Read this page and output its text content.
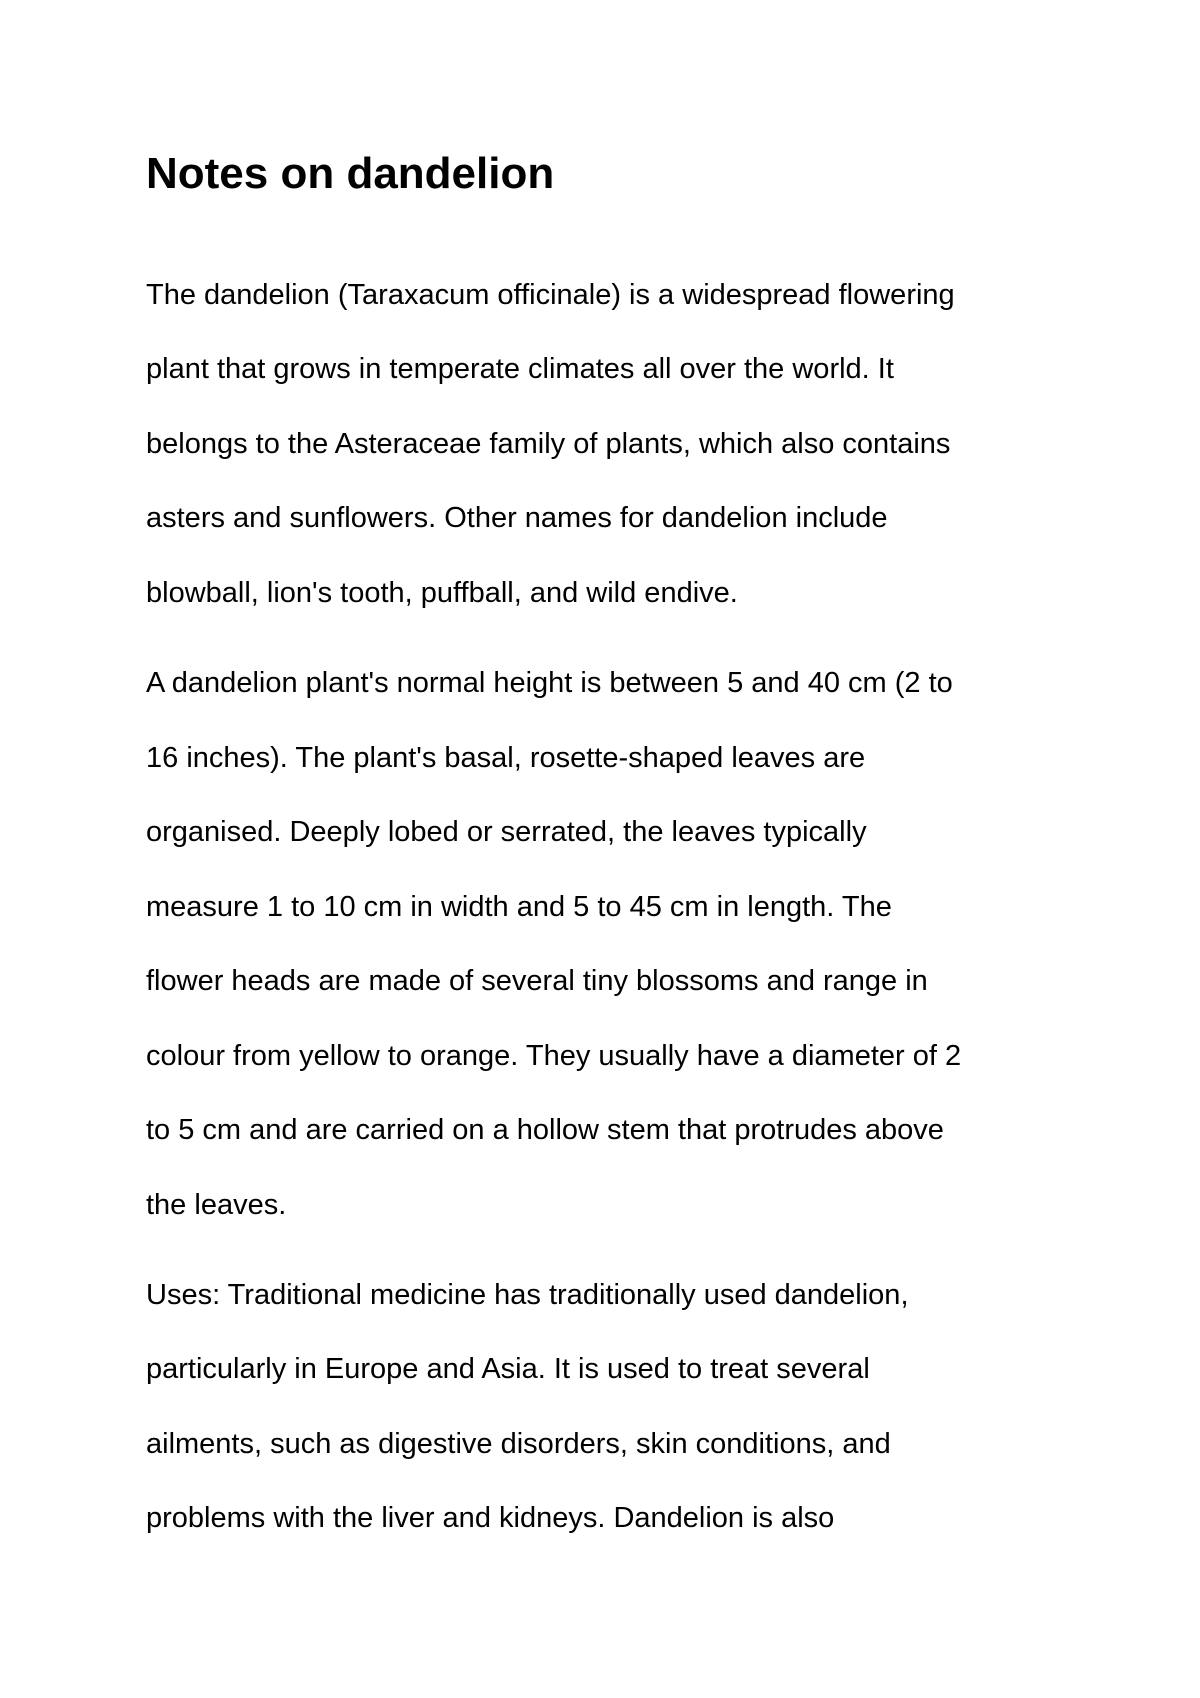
Notes on dandelion

The dandelion (Taraxacum officinale) is a widespread flowering

plant that grows in temperate climates all over the world. It

belongs to the Asteraceae family of plants, which also contains

asters and sunflowers. Other names for dandelion include

blowball, lion's tooth, puffball, and wild endive.

A dandelion plant's normal height is between 5 and 40 cm (2 to

16 inches). The plant's basal, rosette-shaped leaves are

organised. Deeply lobed or serrated, the leaves typically

measure 1 to 10 cm in width and 5 to 45 cm in length. The

flower heads are made of several tiny blossoms and range in

colour from yellow to orange. They usually have a diameter of 2

to 5 cm and are carried on a hollow stem that protrudes above

the leaves.

Uses: Traditional medicine has traditionally used dandelion,

particularly in Europe and Asia. It is used to treat several

ailments, such as digestive disorders, skin conditions, and

problems with the liver and kidneys. Dandelion is also
